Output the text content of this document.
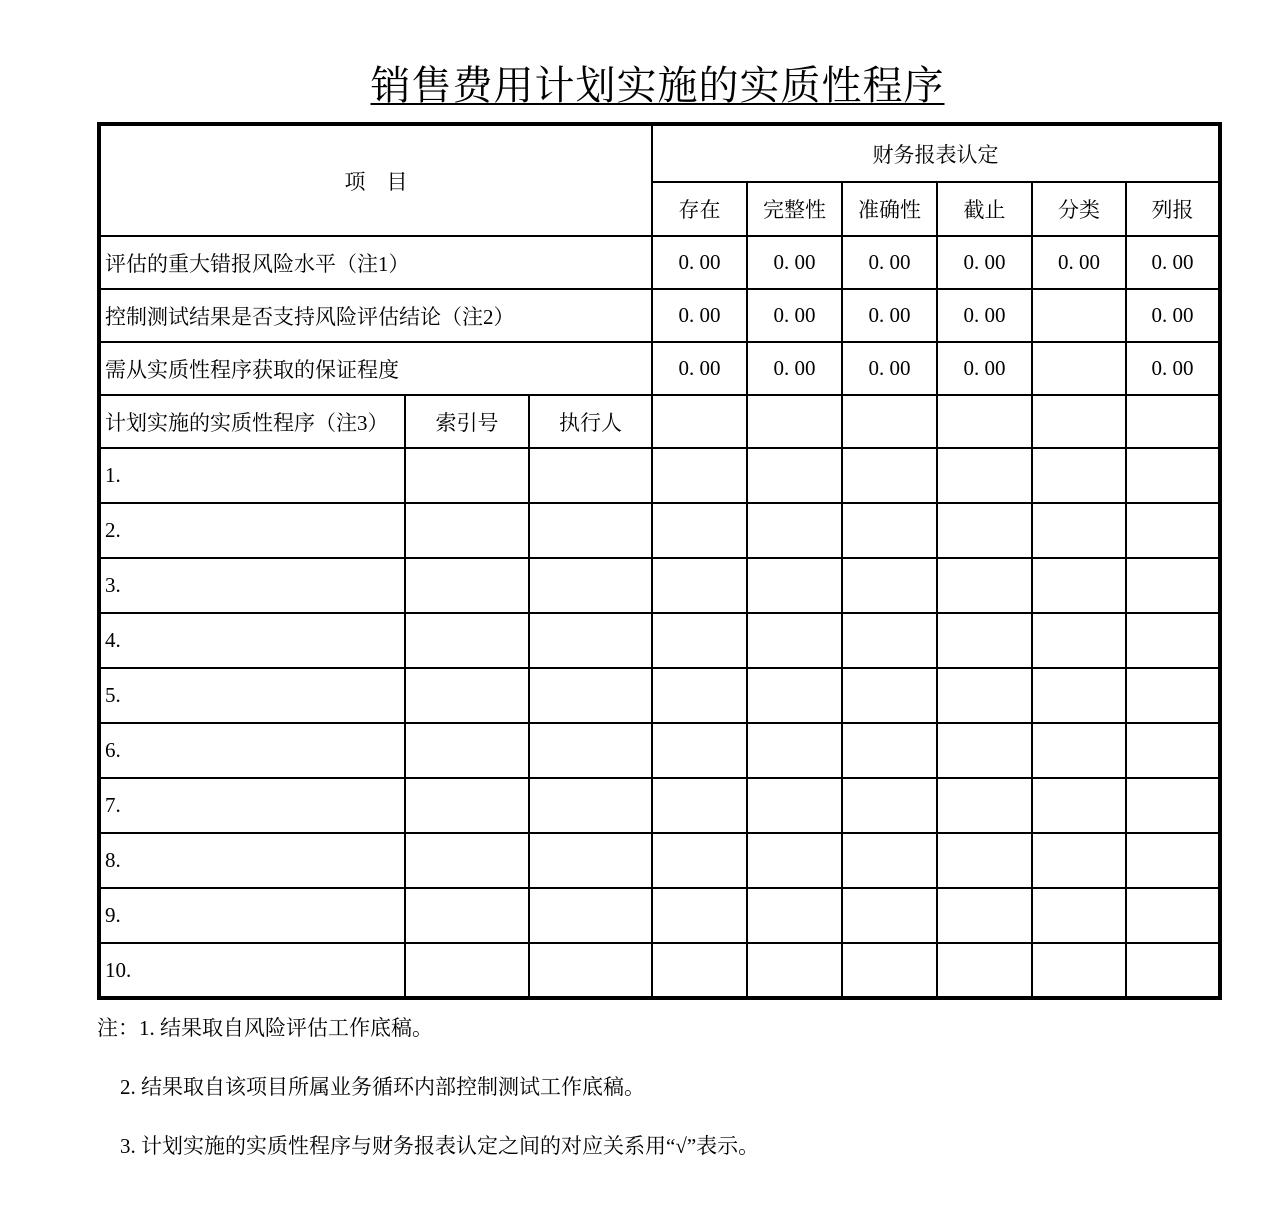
销售费用计划实施的实质性程序
项　目			财务报表认定					
			存在	完整性	准确性	截止	分类	列报
评估的重大错报风险水平（注1）			0. 00	0. 00	0. 00	0. 00	0. 00	0. 00
控制测试结果是否支持风险评估结论（注2）			0. 00	0. 00	0. 00	0. 00		0. 00
需从实质性程序获取的保证程度			0. 00	0. 00	0. 00	0. 00		0. 00
计划实施的实质性程序（注3）	索引号	执行人						
1.								
2.								
3.								
4.								
5.								
6.								
7.								
8.								
9.								
10.								

注：1. 结果取自风险评估工作底稿。

2. 结果取自该项目所属业务循环内部控制测试工作底稿。

3. 计划实施的实质性程序与财务报表认定之间的对应关系用“√”表示。
